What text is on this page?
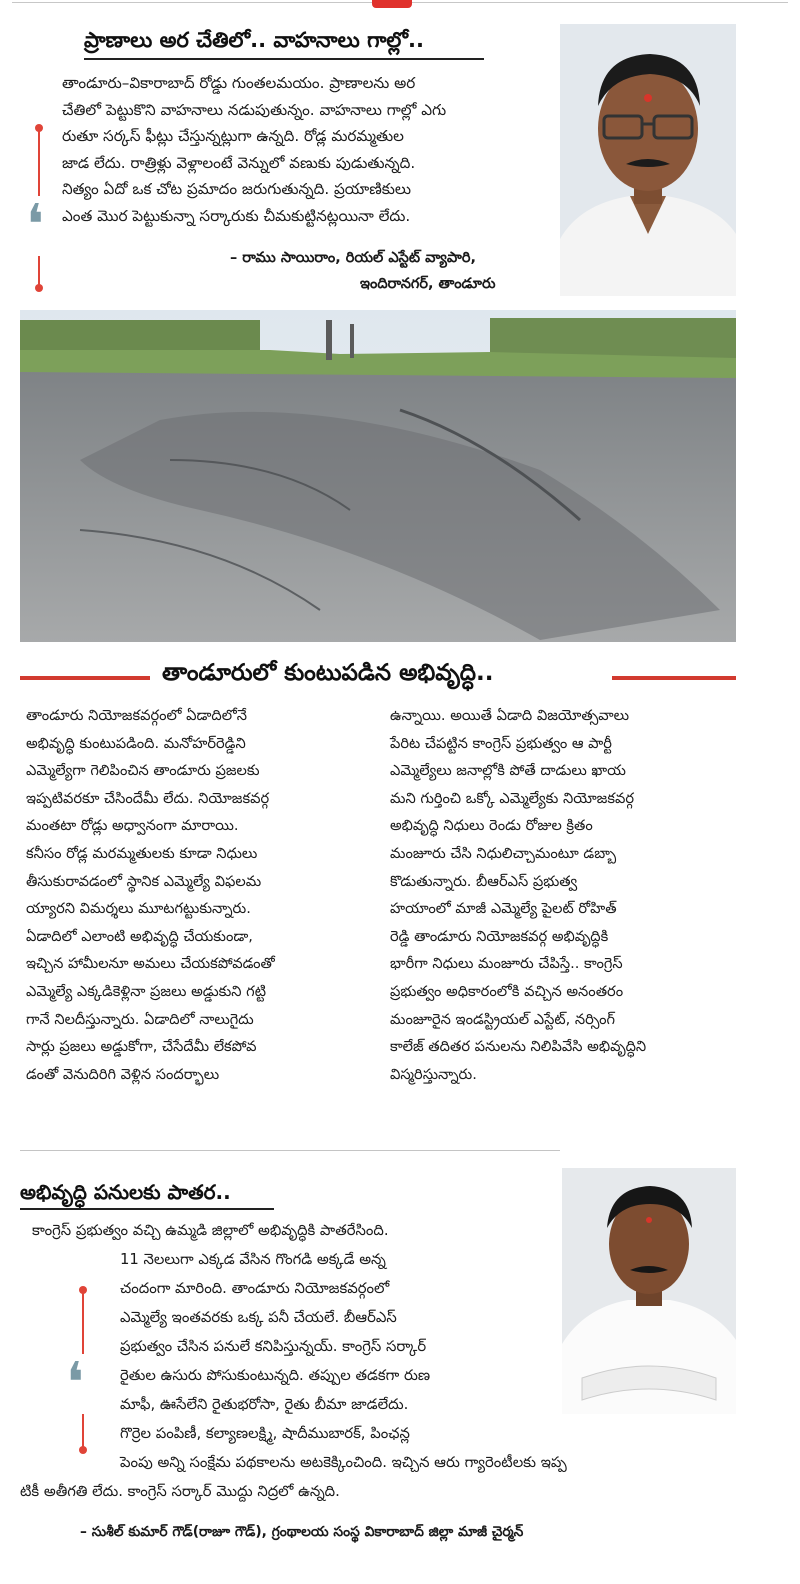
ప్రాణాలు అర చేతిలో.. వాహనాలు గాల్లో..
❛
తాండూరు–వికారాబాద్ రోడ్డు గుంతలమయం. ప్రాణాలను అర
చేతిలో పెట్టుకొని వాహనాలు నడుపుతున్నం. వాహనాలు గాల్లో ఎగు
రుతూ సర్కస్ ఫీట్లు చేస్తున్నట్లుగా ఉన్నది. రోడ్ల మరమ్మతుల
జాడ లేదు. రాత్రిళ్లు వెళ్లాలంటే వెన్నులో వణుకు పుడుతున్నది.
నిత్యం ఏదో ఒక చోట ప్రమాదం జరుగుతున్నది. ప్రయాణికులు
ఎంత మొర పెట్టుకున్నా సర్కారుకు చీమకుట్టినట్లయినా లేదు.
– రాము సాయిరాం, రియల్ ఎస్టేట్ వ్యాపారి,
ఇందిరానగర్, తాండూరు
తాండూరులో కుంటుపడిన అభివృద్ధి..
తాండూరు నియోజకవర్గంలో ఏడాదిలోనే
అభివృద్ధి కుంటుపడింది. మనోహర్‌రెడ్డిని
ఎమ్మెల్యేగా గెలిపించిన తాండూరు ప్రజలకు
ఇప్పటివరకూ చేసిందేమీ లేదు. నియోజకవర్గ
మంతటా రోడ్లు అధ్వానంగా మారాయి.
కనీసం రోడ్ల మరమ్మతులకు కూడా నిధులు
తీసుకురావడంలో స్థానిక ఎమ్మెల్యే విఫలమ
య్యారని విమర్శలు మూటగట్టుకున్నారు.
ఏడాదిలో ఎలాంటి అభివృద్ధి చేయకుండా,
ఇచ్చిన హామీలనూ అమలు చేయకపోవడంతో
ఎమ్మెల్యే ఎక్కడికెళ్లినా ప్రజలు అడ్డుకుని గట్టి
గానే నిలదీస్తున్నారు. ఏడాదిలో నాలుగైదు
సార్లు ప్రజలు అడ్డుకోగా, చేసేదేమీ లేకపోవ
డంతో వెనుదిరిగి వెళ్లిన సందర్భాలు
ఉన్నాయి. అయితే ఏడాది విజయోత్సవాలు
పేరిట చేపట్టిన కాంగ్రెస్ ప్రభుత్వం ఆ పార్టీ
ఎమ్మెల్యేలు జనాల్లోకి పోతే దాడులు ఖాయ
మని గుర్తించి ఒక్కో ఎమ్మెల్యేకు నియోజకవర్గ
అభివృద్ధి నిధులు రెండు రోజుల క్రితం
మంజూరు చేసి నిధులిచ్చామంటూ డబ్బా
కొడుతున్నారు. బీఆర్ఎస్ ప్రభుత్వ
హయాంలో మాజీ ఎమ్మెల్యే పైలట్ రోహిత్
రెడ్డి తాండూరు నియోజకవర్గ అభివృద్ధికి
భారీగా నిధులు మంజూరు చేపిస్తే.. కాంగ్రెస్
ప్రభుత్వం అధికారంలోకి వచ్చిన అనంతరం
మంజూరైన ఇండస్ట్రియల్ ఎస్టేట్, నర్సింగ్
కాలేజ్ తదితర పనులను నిలిపివేసి అభివృద్ధిని
విస్మరిస్తున్నారు.
అభివృద్ధి పనులకు పాతర..
❛
కాంగ్రెస్ ప్రభుత్వం వచ్చి ఉమ్మడి జిల్లాలో అభివృద్ధికి పాతరేసింది.
11 నెలలుగా ఎక్కడ వేసిన గొంగడి అక్కడే అన్న
చందంగా మారింది. తాండూరు నియోజకవర్గంలో
ఎమ్మెల్యే ఇంతవరకు ఒక్క పనీ చేయలే. బీఆర్ఎస్
ప్రభుత్వం చేసిన పనులే కనిపిస్తున్నయ్. కాంగ్రెస్ సర్కార్
రైతుల ఉసురు పోసుకుంటున్నది. తప్పుల తడకగా రుణ
మాఫీ, ఊసేలేని రైతుభరోసా, రైతు బీమా జాడలేదు.
గొర్రెల పంపిణీ, కల్యాణలక్ష్మి, షాదీముబారక్, పింఛన్ల
పెంపు అన్ని సంక్షేమ పథకాలను అటకెక్కించింది. ఇచ్చిన ఆరు గ్యారెంటీలకు ఇప్ప
టికీ అతీగతి లేదు. కాంగ్రెస్ సర్కార్ మొద్దు నిద్రలో ఉన్నది.
– సుశీల్ కుమార్ గౌడ్(రాజూ గౌడ్), గ్రంథాలయ సంస్థ వికారాబాద్ జిల్లా మాజీ చైర్మన్
